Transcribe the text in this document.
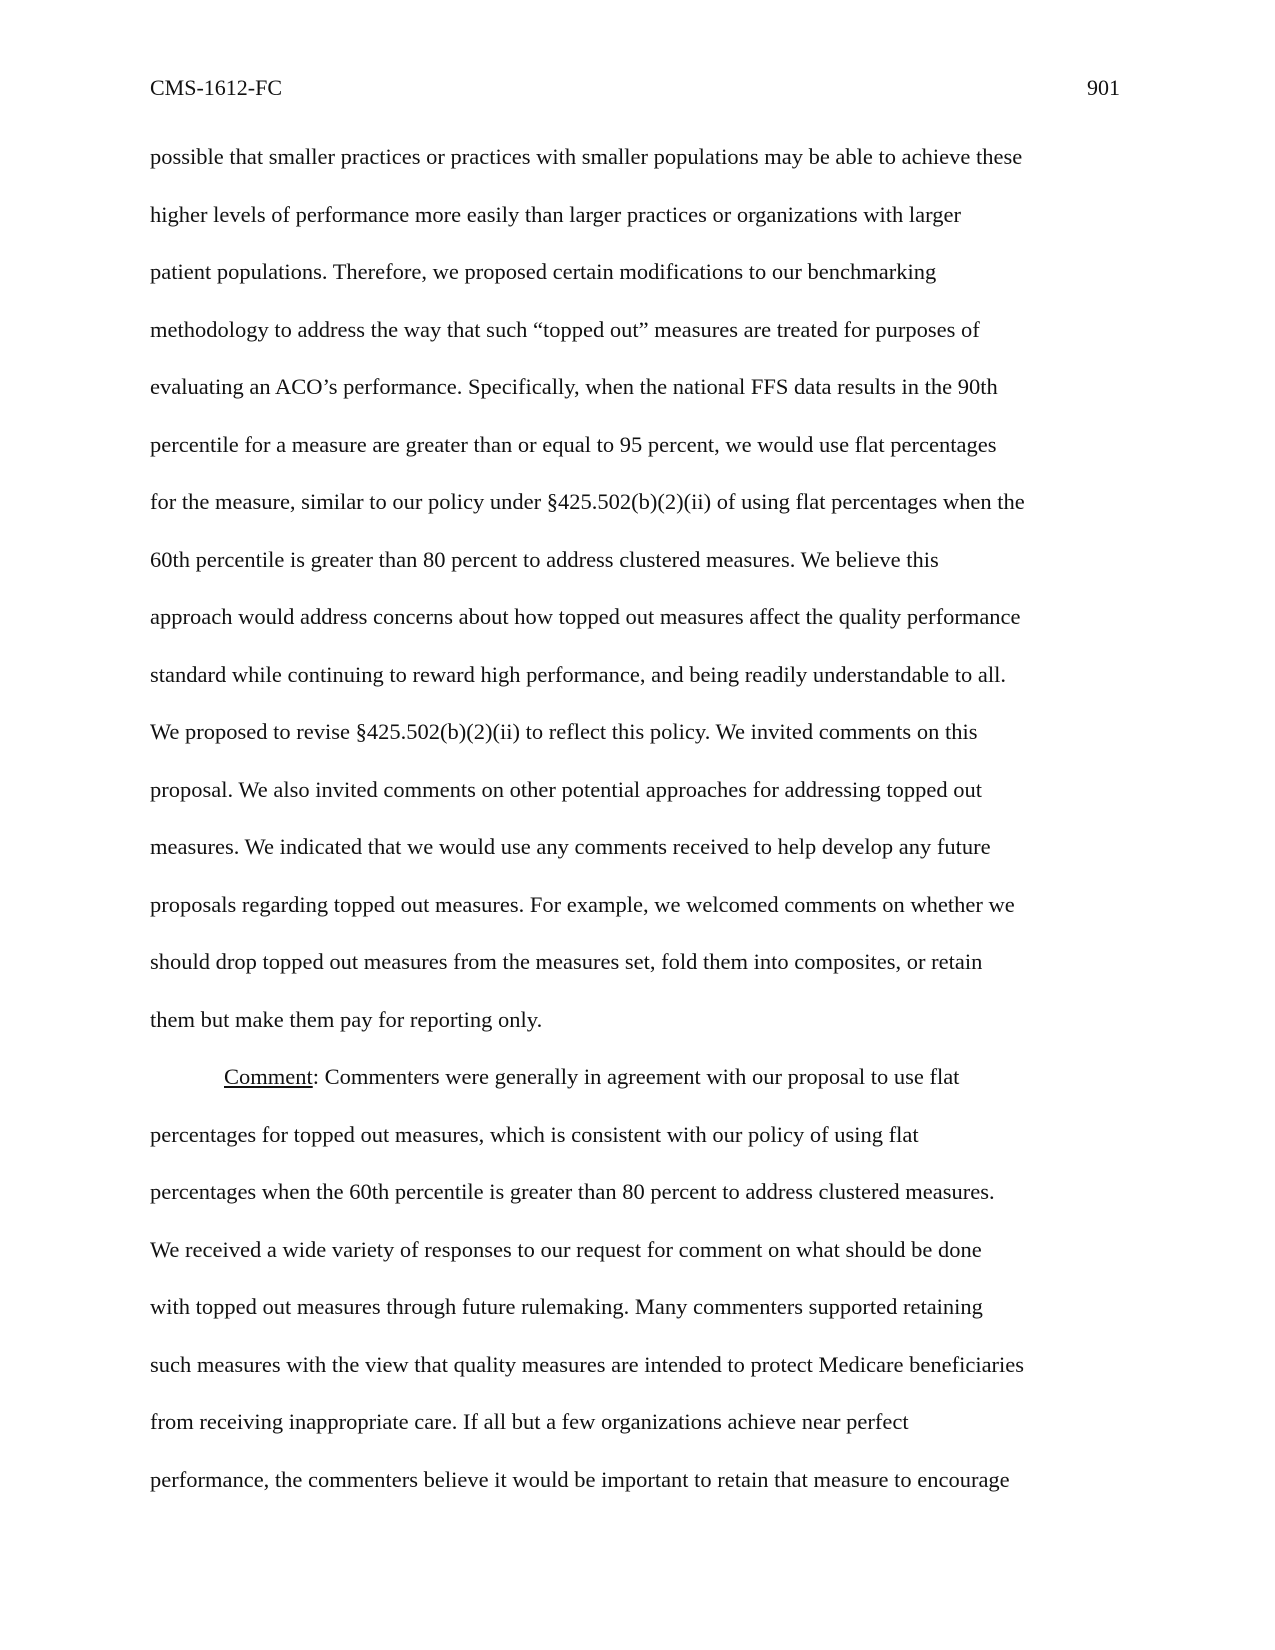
CMS-1612-FC	901
possible that smaller practices or practices with smaller populations may be able to achieve these
higher levels of performance more easily than larger practices or organizations with larger
patient populations. Therefore, we proposed certain modifications to our benchmarking
methodology to address the way that such “topped out” measures are treated for purposes of
evaluating an ACO’s performance. Specifically, when the national FFS data results in the 90th
percentile for a measure are greater than or equal to 95 percent, we would use flat percentages
for the measure, similar to our policy under §425.502(b)(2)(ii) of using flat percentages when the
60th percentile is greater than 80 percent to address clustered measures. We believe this
approach would address concerns about how topped out measures affect the quality performance
standard while continuing to reward high performance, and being readily understandable to all.
We proposed to revise §425.502(b)(2)(ii) to reflect this policy. We invited comments on this
proposal. We also invited comments on other potential approaches for addressing topped out
measures. We indicated that we would use any comments received to help develop any future
proposals regarding topped out measures. For example, we welcomed comments on whether we
should drop topped out measures from the measures set, fold them into composites, or retain
them but make them pay for reporting only.
Comment: Commenters were generally in agreement with our proposal to use flat
percentages for topped out measures, which is consistent with our policy of using flat
percentages when the 60th percentile is greater than 80 percent to address clustered measures.
We received a wide variety of responses to our request for comment on what should be done
with topped out measures through future rulemaking. Many commenters supported retaining
such measures with the view that quality measures are intended to protect Medicare beneficiaries
from receiving inappropriate care. If all but a few organizations achieve near perfect
performance, the commenters believe it would be important to retain that measure to encourage
